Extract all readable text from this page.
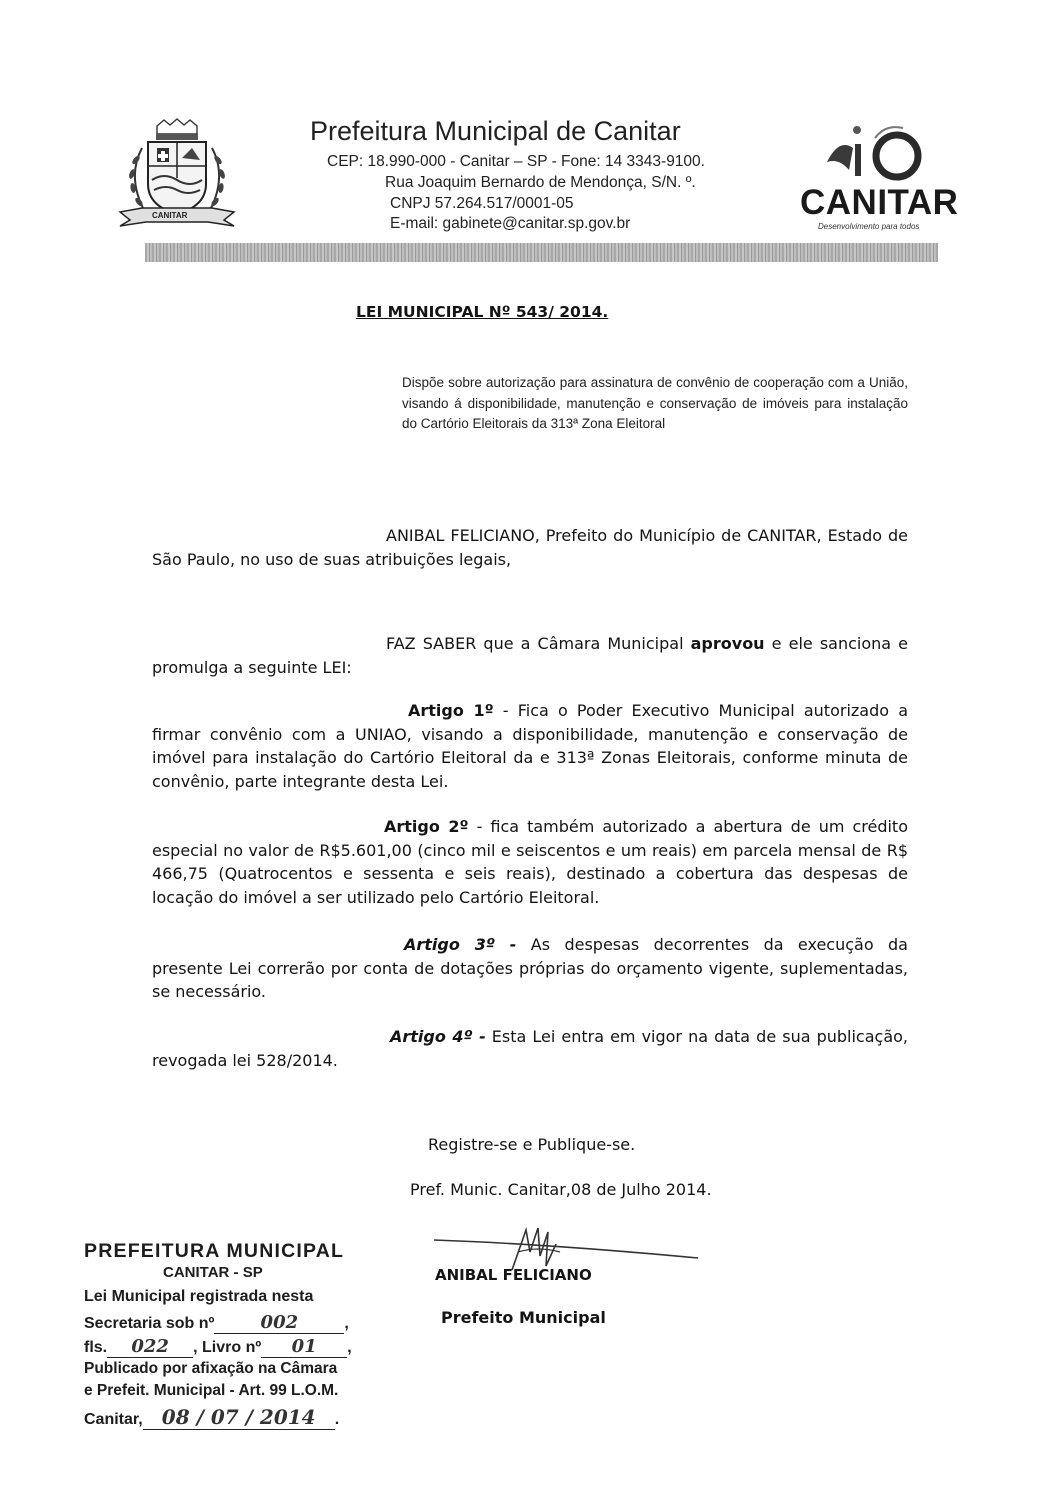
CANITAR
Prefeitura Municipal de Canitar
CEP: 18.990-000 - Canitar – SP - Fone: 14 3343-9100.
Rua Joaquim Bernardo de Mendonça, S/N. º.
CNPJ 57.264.517/0001-05
E-mail: gabinete@canitar.sp.gov.br
CANITAR
Desenvolvimento para todos
LEI MUNICIPAL Nº 543/ 2014.
Dispõe sobre autorização para assinatura de convênio de cooperação com a União, visando á disponibilidade, manutenção e conservação de imóveis para instalação do Cartório Eleitorais da 313ª Zona Eleitoral

ANIBAL FELICIANO, Prefeito do Município de CANITAR, Estado de São Paulo, no uso de suas atribuições legais,

FAZ SABER que a Câmara Municipal aprovou e ele sanciona e promulga a seguinte LEI:

Artigo 1º - Fica o Poder Executivo Municipal autorizado a firmar convênio com a UNIAO, visando a disponibilidade, manutenção e conservação de imóvel para instalação do Cartório Eleitoral da e 313ª Zonas Eleitorais, conforme minuta de convênio, parte integrante desta Lei.

Artigo 2º - fica também autorizado a abertura de um crédito especial no valor de R$5.601,00 (cinco mil e seiscentos e um reais) em parcela mensal de R$ 466,75 (Quatrocentos e sessenta e seis reais), destinado a cobertura das despesas de locação do imóvel a ser utilizado pelo Cartório Eleitoral.

Artigo 3º - As despesas decorrentes da execução da presente Lei correrão por conta de dotações próprias do orçamento vigente, suplementadas, se necessário.

Artigo 4º - Esta Lei entra em vigor na data de sua publicação, revogada lei 528/2014.

Registre-se e Publique-se.
Pref. Munic. Canitar,08 de Julho 2014.
ANIBAL FELICIANO
Prefeito Municipal
PREFEITURA MUNICIPAL
CANITAR - SP
Lei Municipal registrada nesta
Secretaria sob nº	002	,
fls. 022 , Livro nº 01 ,
Publicado por afixação na Câmara
e Prefeit. Municipal - Art. 99 L.O.M.
Canitar, 08 / 07 / 2014 .
